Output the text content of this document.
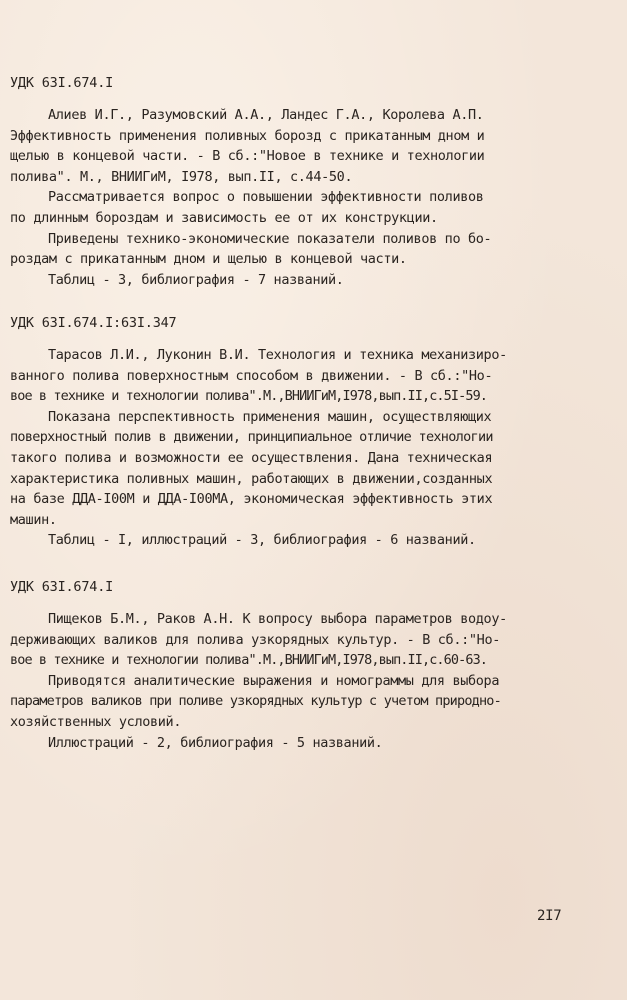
УДК 63I.674.I
Алиев И.Г., Разумовский А.А., Ландес Г.А., Королева А.П.
Эффективность применения поливных борозд с прикатанным дном и
щелью в концевой части. - В сб.:"Новое в технике и технологии
полива". М., ВНИИГиМ, I978, вып.II, с.44-50.
Рассматривается вопрос о повышении эффективности поливов
по длинным бороздам и зависимость ее от их конструкции.
Приведены технико-экономические показатели поливов по бо-
роздам с прикатанным дном и щелью в концевой части.
Таблиц - 3, библиография - 7 названий.
УДК 63I.674.I:63I.347
Тарасов Л.И., Луконин В.И. Технология и техника механизиро-
ванного полива поверхностным способом в движении. - В сб.:"Но-
вое в технике и технологии полива".М.,ВНИИГиМ,I978,вып.II,с.5I-59.
Показана перспективность применения машин, осуществляющих
поверхностный полив в движении, принципиальное отличие технологии
такого полива и возможности ее осуществления. Дана техническая
характеристика поливных машин, работающих в движении,созданных
на базе ДДА-I00M и ДДА-I00MA, экономическая эффективность этих
машин.
Таблиц - I, иллюстраций - 3, библиография - 6 названий.
УДК 63I.674.I
Пищеков Б.М., Раков А.Н. К вопросу выбора параметров водоу-
держивающих валиков для полива узкорядных культур. - В сб.:"Но-
вое в технике и технологии полива".М.,ВНИИГиМ,I978,вып.II,с.60-63.
Приводятся аналитические выражения и номограммы для выбора
параметров валиков при поливе узкорядных культур с учетом природно-
хозяйственных условий.
Иллюстраций - 2, библиография - 5 названий.
2I7
